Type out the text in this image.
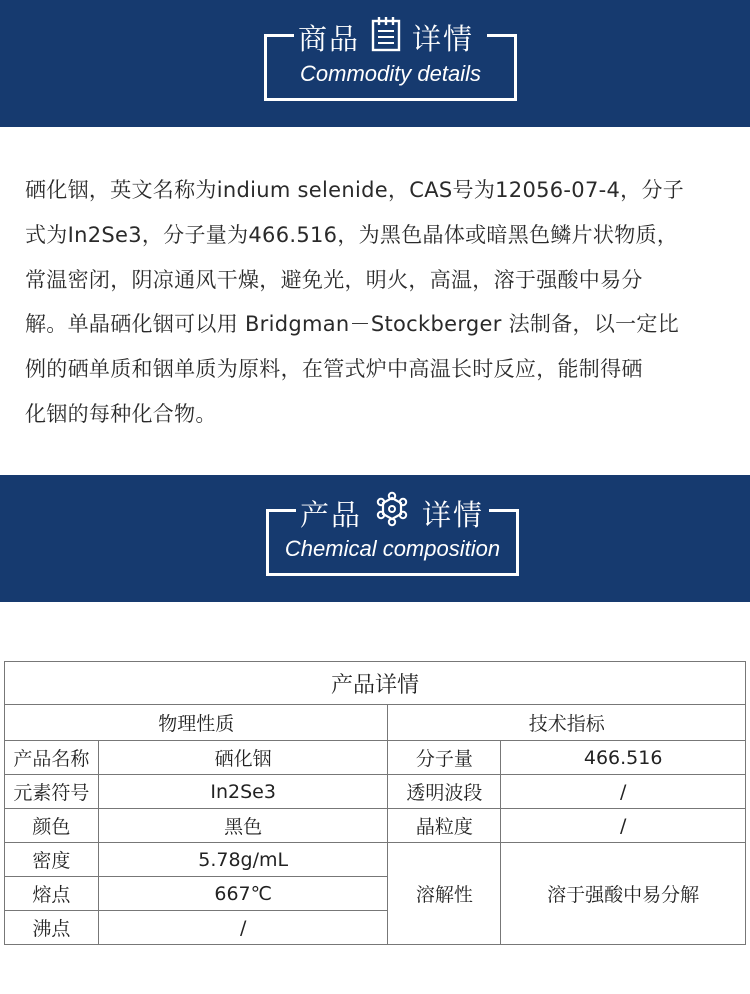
商品 详情
Commodity details
硒化铟，英文名称为indium selenide，CAS号为12056-07-4，分子
式为In2Se3，分子量为466.516，为黑色晶体或暗黑色鳞片状物质，
常温密闭，阴凉通风干燥，避免光，明火，高温，溶于强酸中易分
解。单晶硒化铟可以用 Bridgman－Stockberger 法制备，以一定比
例的硒单质和铟单质为原料，在管式炉中高温长时反应，能制得硒
化铟的每种化合物。
产品 详情
Chemical composition
产品详情			
物理性质		技术指标	
产品名称	硒化铟	分子量	466.516
元素符号	In2Se3	透明波段	/
颜色	黑色	晶粒度	/
密度	5.78g/mL	溶解性	溶于强酸中易分解
熔点	667℃		
沸点	/		
